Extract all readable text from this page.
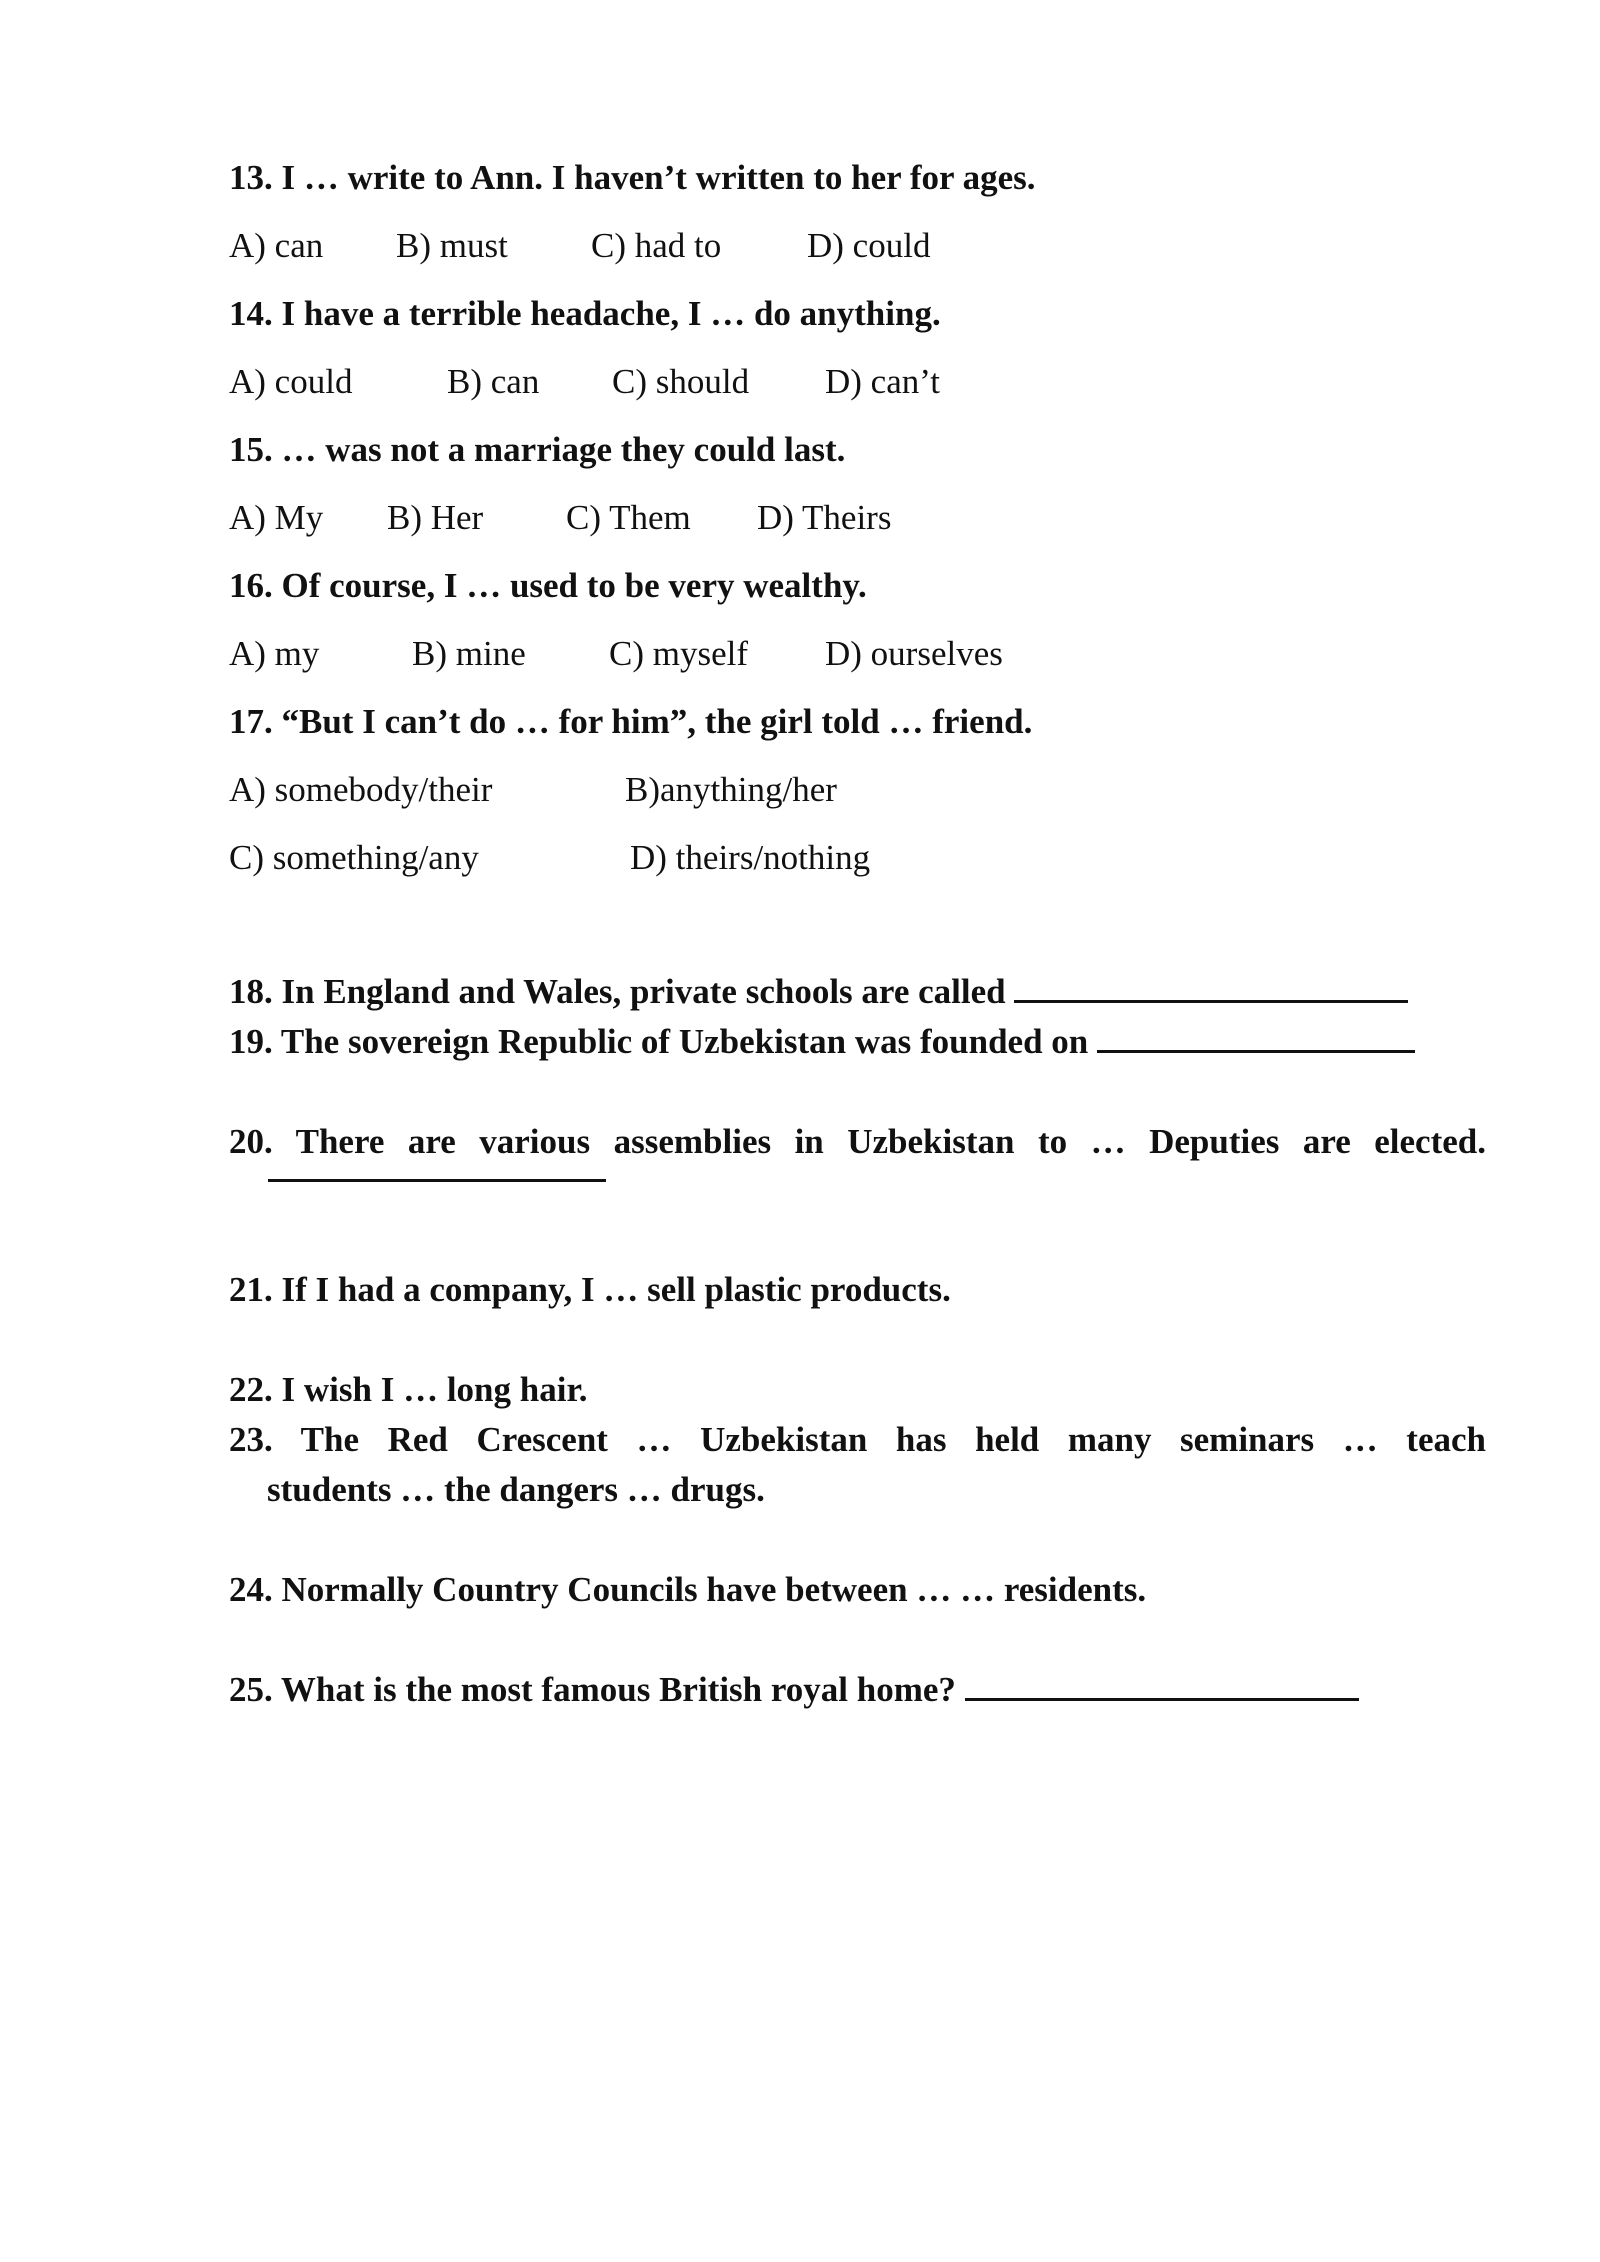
13. I … write to Ann. I haven’t written to her for ages.
A) can B) must C) had to D) could
14. I have a terrible headache, I … do anything.
A) could	B) can C) should D) can’t
15. … was not a marriage they could last.
A) My B) Her C) Them D) Theirs
16. Of course, I … used to be very wealthy.
A) my	B) mine C) myself D) ourselves
17. “But I can’t do … for him”, the girl told … friend.
A) somebody/their	B)anything/her
C) something/any	D) theirs/nothing
18. In England and Wales, private schools are called
19. The sovereign Republic of Uzbekistan was founded on
20. There are various assemblies in Uzbekistan to … Deputies are elected.
21. If I had a company, I … sell plastic products.
22. I wish I … long hair.
23. The Red Crescent … Uzbekistan has held many seminars … teach
students … the dangers … drugs.
24. Normally Country Councils have between … … residents.
25. What is the most famous British royal home?
